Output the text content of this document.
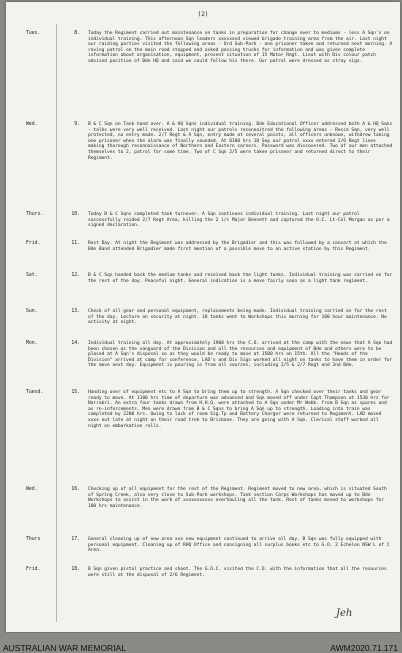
(2)
Tues.	8. Today the Regiment carried out maintenance on tanks in preparation for change over to mediums - less A Sqn's on individual training. This afternoon Sqn leaders xxxxxxxd viewed brigade training area from the air. Last night our raiding parties visited the following areas - Ord Sub-Park - one prisoner taken and returned next morning. A roving patrol on the main road stopped and asked passing trucks for information and was given complete information about organisation, equipment, present situation of 15 Motor Regt. Lieut with Div colour patch advised position of Bde HQ and said we could follow his there. Our patrol were dressed as stray sigs.
Wed.	9. B & C Sqn on Tank hand over. A & HQ Sqns individual training. Bde Educational Officer addressed both A & HQ Sqns - talks were very well received. Last night our patrols reconnoitred the following areas - Recce Sqn, very well protected, no entry made. 2/7 Regt & A Sqn, entry made at several points, all officers unknown, withdrew taking one prisoner when the alarm was finally sounded. At 0100 hrs 10 Sep our patrol xxxx entered 2/6 Regt lines making thorough reconnaissance of Northern and Eastern corners. Password was discovered. Two of our men attached themselves to 2, patrol for some time. Two of C Sqn 2/5 were taken prisoner and returned direct to their Regiment.
Thurs.	10. Today B & C Sqns completed tank turnover. A Sqn continues individual training. Last night our patrol successfully raided 2/7 Regt Area, killing the 2 i/c Major Bennett and captured the O.C. Lt-Col Morgan as per a signed declaration.
Frid.	11. Rest Day. At night the Regiment was addressed by the Brigadier and this was followed by a concert at which the Bde Band attended Brigadier made first mention of a possible move to an active station by this Regiment.
Sat.	12. B & C Sqn handed back the medium tanks and received back the light tanks. Individual training was carried on for the rest of the day. Peaceful night. General indication is a move fairly soon as a light tank regiment.
Sun.	13. Check of all gear and personal equipment, replacements being made. Individual training carried on for the rest of the day. Lecture on security at night. 18 tanks went to Workshops this morning for 100 hour maintenance. No activity at night.
Mon.	14. Individual training all day. At approximately 1900 hrs the C.O. arrived at the camp with the news that A Sqn had been chosen as the vanguard of the Division and all the resources and equipment of Bde and others were to be placed at A Sqn's disposal so as they would be ready to move at 1500 hrs on 15th. All the "Heads of the Division" arrived at camp for conference. LAD's and Div Sigs worked all night on tanks to have them in order for the move next day. Equipment is pouring in from all sources, including 2/5 & 2/7 Regt and 2nd Bde.
Tuesd.	15. Handing over of equipment etc to A Sqn to bring them up to strength. A Sqn checked over their tanks and gear ready to move. At 1100 hrs time of departure was advanced and Sqn moved off under Capt Thompson at 1530 hrs for Narrabri. An extra four tanks drawn from H.H.Q. were attached to A Sqn under Mr Webb. from B Sqn as spares and as re-inforcements. Men were drawn from B & C Sqns to bring A Sqn up to strength. Loading into train was completed by 2200 hrs. Owing to lack of room Sig.Tp and Battery Charger were returned to Regiment. LAD moved xxxx out late at night on their road trek to Brisbane. They are going with A Sqn. Clerical staff worked all night on embarkation rolls.
Wed.	16. Checking up of all equipment for the rest of the Regiment. Regiment moved to new area, which is situated South of Spring Creek, also very close to Sub-Park workshops. Tank section Corps Workshops has moved up to Bde Workshops to assist in the work of xxxxxxxxxxx overhauling all the tank. Rest of tanks moved to workshops for 100 hrs maintenance.
Thurs	17. General cleaning up of new area xxx new equipment continued to arrive all day. B Sqn was fully equipped with personal equipment. Cleaning up of RHQ Office and consigning all surplus books etc to G.O. 2 Echelon NSW L of C Area.
Frid.	18. B Sqn given pistol practice and shoot. The G.O.C. visited the C.O. with the information that all the resources were still at the disposal of 2/6 Regiment.
Jeh
AUSTRALIAN WAR MEMORIAL	AWM2020.71.171
